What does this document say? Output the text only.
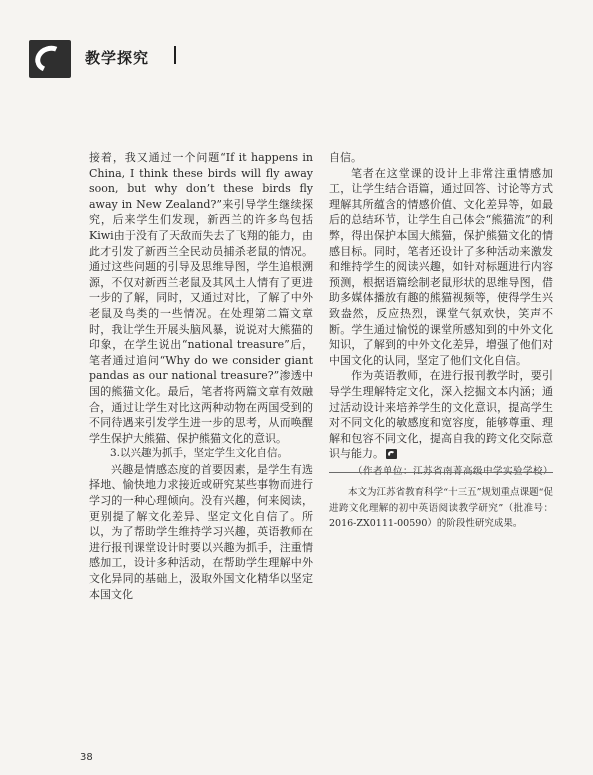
教学探究

接着，我又通过一个问题“If it happens in China, I think these birds will fly away soon, but why don’t these birds fly away in New Zealand?”来引导学生继续探究，后来学生们发现，新西兰的许多鸟包括Kiwi由于没有了天敌而失去了飞翔的能力，由此才引发了新西兰全民动员捕杀老鼠的情况。通过这些问题的引导及思维导图，学生追根溯源，不仅对新西兰老鼠及其风土人情有了更进一步的了解，同时，又通过对比，了解了中外老鼠及鸟类的一些情况。在处理第二篇文章时，我让学生开展头脑风暴，说说对大熊猫的印象，在学生说出“national treasure”后，笔者通过追问“Why do we consider giant pandas as our national treasure?”渗透中国的熊猫文化。最后，笔者将两篇文章有效融合，通过让学生对比这两种动物在两国受到的不同待遇来引发学生进一步的思考，从而唤醒学生保护大熊猫、保护熊猫文化的意识。

3.以兴趣为抓手，坚定学生文化自信。

兴趣是情感态度的首要因素，是学生有选择地、愉快地力求接近或研究某些事物而进行学习的一种心理倾向。没有兴趣，何来阅读，更别提了解文化差异、坚定文化自信了。所以，为了帮助学生维持学习兴趣，英语教师在进行报刊课堂设计时要以兴趣为抓手，注重情感加工，设计多种活动，在帮助学生理解中外文化异同的基础上，汲取外国文化精华以坚定本国文化

自信。

笔者在这堂课的设计上非常注重情感加工，让学生结合语篇，通过回答、讨论等方式理解其所蕴含的情感价值、文化差异等，如最后的总结环节，让学生自己体会“熊猫流”的利弊，得出保护本国大熊猫，保护熊猫文化的情感目标。同时，笔者还设计了多种活动来激发和维持学生的阅读兴趣，如针对标题进行内容预测，根据语篇绘制老鼠形状的思维导图，借助多媒体播放有趣的熊猫视频等，使得学生兴致盎然，反应热烈，课堂气氛欢快，笑声不断。学生通过愉悦的课堂所感知到的中外文化知识，了解到的中外文化差异，增强了他们对中国文化的认同，坚定了他们文化自信。

作为英语教师，在进行报刊教学时，要引导学生理解特定文化，深入挖掘文本内涵；通过活动设计来培养学生的文化意识，提高学生对不同文化的敏感度和宽容度，能够尊重、理解和包容不同文化，提高自我的跨文化交际意识与能力。

本文为江苏省教育科学“十三五”规划重点课题“促进跨文化理解的初中英语阅读教学研究”（批准号：2016-ZX0111-00590）的阶段性研究成果。
38
